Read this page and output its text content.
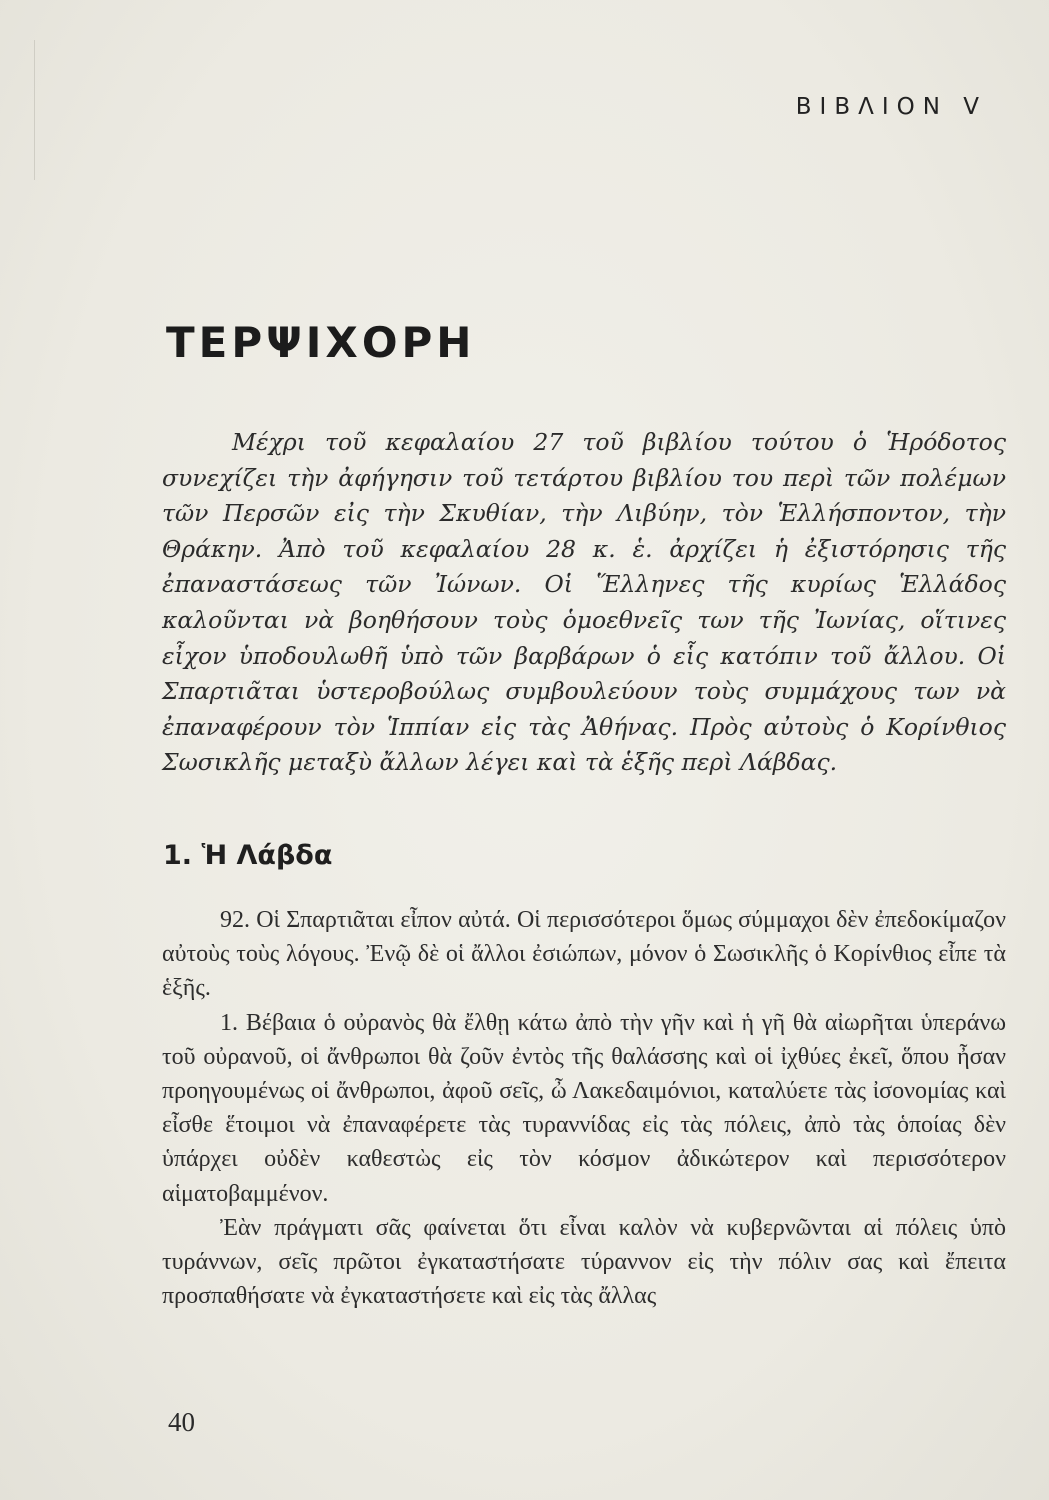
ΒΙΒΛΙΟΝ V
ΤΕΡΨΙΧΟΡΗ

Μέχρι τοῦ κεφαλαίου 27 τοῦ βιβλίου τούτου ὁ Ἡρόδοτος συνεχίζει τὴν ἀφήγησιν τοῦ τετάρτου βιβλίου του περὶ τῶν πολέμων τῶν Περσῶν εἰς τὴν Σκυθίαν, τὴν Λιβύην, τὸν Ἑλλήσποντον, τὴν Θράκην. Ἀπὸ τοῦ κεφαλαίου 28 κ. ἑ. ἀρχίζει ἡ ἐξιστόρησις τῆς ἐπαναστάσεως τῶν Ἰώνων. Οἱ Ἕλληνες τῆς κυρίως Ἑλλάδος καλοῦνται νὰ βοηθήσουν τοὺς ὁμοεθνεῖς των τῆς Ἰωνίας, οἵτινες εἶχον ὑποδουλωθῆ ὑπὸ τῶν βαρβάρων ὁ εἷς κατόπιν τοῦ ἄλλου. Οἱ Σπαρτιᾶται ὑστεροβούλως συμβουλεύουν τοὺς συμμάχους των νὰ ἐπαναφέρουν τὸν Ἱππίαν εἰς τὰς Ἀθήνας. Πρὸς αὐτοὺς ὁ Κορίνθιος Σωσικλῆς μεταξὺ ἄλλων λέγει καὶ τὰ ἑξῆς περὶ Λάβδας.

1. Ἡ Λάβδα

92. Οἱ Σπαρτιᾶται εἶπον αὐτά. Οἱ περισσότεροι ὅμως σύμμαχοι δὲν ἐπεδοκίμαζον αὐτοὺς τοὺς λόγους. Ἐνῷ δὲ οἱ ἄλλοι ἐσιώπων, μόνον ὁ Σωσικλῆς ὁ Κορίνθιος εἶπε τὰ ἑξῆς.

1. Βέβαια ὁ οὐρανὸς θὰ ἔλθῃ κάτω ἀπὸ τὴν γῆν καὶ ἡ γῆ θὰ αἰωρῆται ὑπεράνω τοῦ οὐρανοῦ, οἱ ἄνθρωποι θὰ ζοῦν ἐντὸς τῆς θαλάσσης καὶ οἱ ἰχθύες ἐκεῖ, ὅπου ἦσαν προηγουμένως οἱ ἄνθρωποι, ἀφοῦ σεῖς, ὦ Λακεδαιμόνιοι, καταλύετε τὰς ἰσονομίας καὶ εἶσθε ἕτοιμοι νὰ ἐπαναφέρετε τὰς τυραννίδας εἰς τὰς πόλεις, ἀπὸ τὰς ὁποίας δὲν ὑπάρχει οὐδὲν καθεστὼς εἰς τὸν κόσμον ἀδικώτερον καὶ περισσότερον αἱματοβαμμένον.

Ἐὰν πράγματι σᾶς φαίνεται ὅτι εἶναι καλὸν νὰ κυβερνῶνται αἱ πόλεις ὑπὸ τυράννων, σεῖς πρῶτοι ἐγκαταστήσατε τύραννον εἰς τὴν πόλιν σας καὶ ἔπειτα προσπαθήσατε νὰ ἐγκαταστήσετε καὶ εἰς τὰς ἄλλας

40
